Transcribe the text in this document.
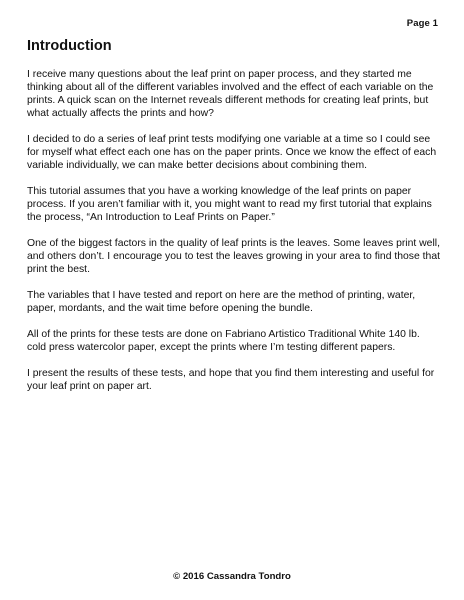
Page 1
Introduction

I receive many questions about the leaf print on paper process, and they started me thinking about all of the different variables involved and the effect of each variable on the prints. A quick scan on the Internet reveals different methods for creating leaf prints, but what actually affects the prints and how?

I decided to do a series of leaf print tests modifying one variable at a time so I could see for myself what effect each one has on the paper prints. Once we know the effect of each variable individually, we can make better decisions about combining them.

This tutorial assumes that you have a working knowledge of the leaf prints on paper process. If you aren’t familiar with it, you might want to read my first tutorial that explains the process, “An Introduction to Leaf Prints on Paper.”

One of the biggest factors in the quality of leaf prints is the leaves. Some leaves print well, and others don’t. I encourage you to test the leaves growing in your area to find those that print the best.

The variables that I have tested and report on here are the method of printing, water, paper, mordants, and the wait time before opening the bundle.

All of the prints for these tests are done on Fabriano Artistico Traditional White 140 lb. cold press watercolor paper, except the prints where I’m testing different papers.

I present the results of these tests, and hope that you find them interesting and useful for your leaf print on paper art.

© 2016 Cassandra Tondro
